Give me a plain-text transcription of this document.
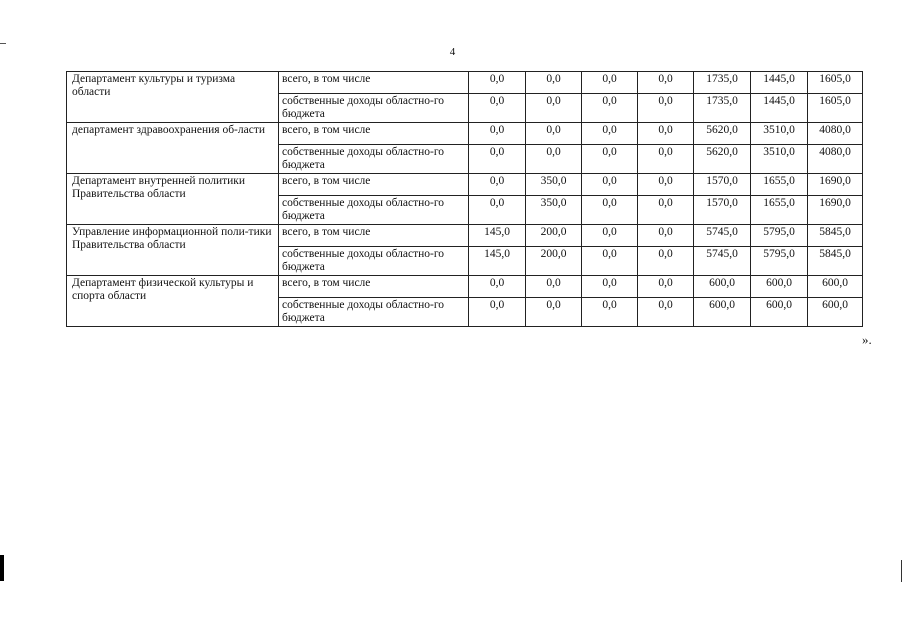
4
Департамент культуры и туризма области	всего, в том числе	0,0	0,0	0,0	0,0	1735,0	1445,0	1605,0
	собственные доходы областно-го бюджета	0,0	0,0	0,0	0,0	1735,0	1445,0	1605,0
департамент здравоохранения об-ласти	всего, в том числе	0,0	0,0	0,0	0,0	5620,0	3510,0	4080,0
	собственные доходы областно-го бюджета	0,0	0,0	0,0	0,0	5620,0	3510,0	4080,0
Департамент внутренней политики Правительства области	всего, в том числе	0,0	350,0	0,0	0,0	1570,0	1655,0	1690,0
	собственные доходы областно-го бюджета	0,0	350,0	0,0	0,0	1570,0	1655,0	1690,0
Управление информационной поли-тики Правительства области	всего, в том числе	145,0	200,0	0,0	0,0	5745,0	5795,0	5845,0
	собственные доходы областно-го бюджета	145,0	200,0	0,0	0,0	5745,0	5795,0	5845,0
Департамент физической культуры и спорта области	всего, в том числе	0,0	0,0	0,0	0,0	600,0	600,0	600,0
	собственные доходы областно-го бюджета	0,0	0,0	0,0	0,0	600,0	600,0	600,0
».
